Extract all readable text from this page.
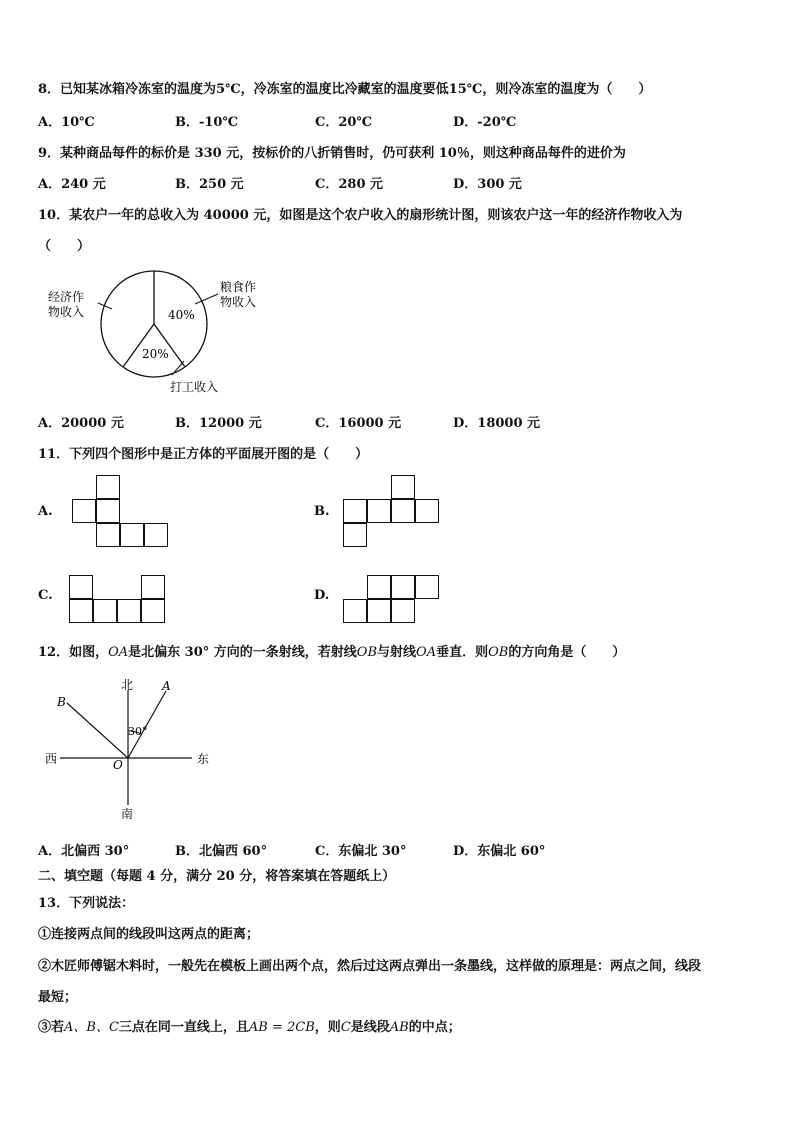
8．已知某冰箱冷冻室的温度为5℃，冷冻室的温度比冷藏室的温度要低15℃，则冷冻室的温度为（　　）
A．10℃	B．-10℃	C．20℃	D．-20℃
9．某种商品每件的标价是 330 元，按标价的八折销售时，仍可获利 10％，则这种商品每件的进价为
A．240 元	B．250 元	C．280 元	D．300 元
10．某农户一年的总收入为 40000 元，如图是这个农户收入的扇形统计图，则该农户这一年的经济作物收入为
（　　）
经济作
物收入
粮食作
物收入
40%
20%
打工收入
A．20000 元	B．12000 元	C．16000 元	D．18000 元
11．下列四个图形中是正方体的平面展开图的是（　　）
A.	B.
C.	D.
12．如图，OA是北偏东 30° 方向的一条射线，若射线OB与射线OA垂直．则OB的方向角是（　　）
北
南
东
西	O
A
B
30°
A．北偏西 30°	B．北偏西 60°	C．东偏北 30°	D．东偏北 60°
二、填空题（每题 4 分，满分 20 分，将答案填在答题纸上）
13．下列说法：
①连接两点间的线段叫这两点的距离；
②木匠师傅锯木料时，一般先在模板上画出两个点，然后过这两点弹出一条墨线，这样做的原理是：两点之间，线段
最短；
③若A、B、C三点在同一直线上，且AB = 2CB，则C是线段AB的中点；
